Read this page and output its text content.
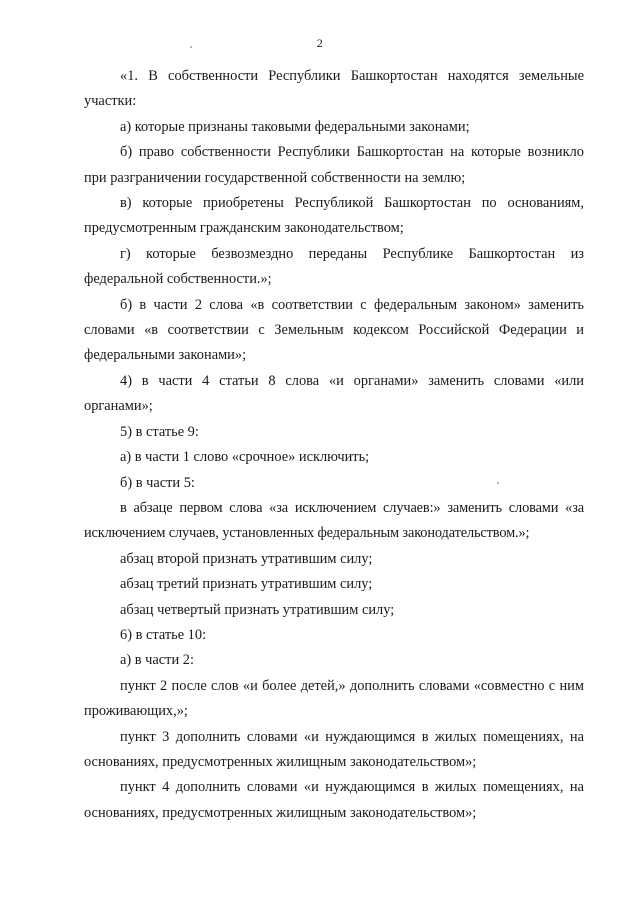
2

«1. В собственности Республики Башкортостан находятся земельные участки:

а) которые признаны таковыми федеральными законами;

б) право собственности Республики Башкортостан на которые возникло при разграничении государственной собственности на землю;

в) которые приобретены Республикой Башкортостан по основаниям, предусмотренным гражданским законодательством;

г) которые безвозмездно переданы Республике Башкортостан из федеральной собственности.»;

б) в части 2 слова «в соответствии с федеральным законом» заменить словами «в соответствии с Земельным кодексом Российской Федерации и федеральными законами»;

4) в части 4 статьи 8 слова «и органами» заменить словами «или органами»;

5) в статье 9:

а) в части 1 слово «срочное» исключить;

б) в части 5:

в абзаце первом слова «за исключением случаев:» заменить словами «за исключением случаев, установленных федеральным законодательством.»;

абзац второй признать утратившим силу;

абзац третий признать утратившим силу;

абзац четвертый признать утратившим силу;

6) в статье 10:

а) в части 2:

пункт 2 после слов «и более детей,» дополнить словами «совместно с ним проживающих,»;

пункт 3 дополнить словами «и нуждающимся в жилых помещениях, на основаниях, предусмотренных жилищным законодательством»;

пункт 4 дополнить словами «и нуждающимся в жилых помещениях, на основаниях, предусмотренных жилищным законодательством»;
